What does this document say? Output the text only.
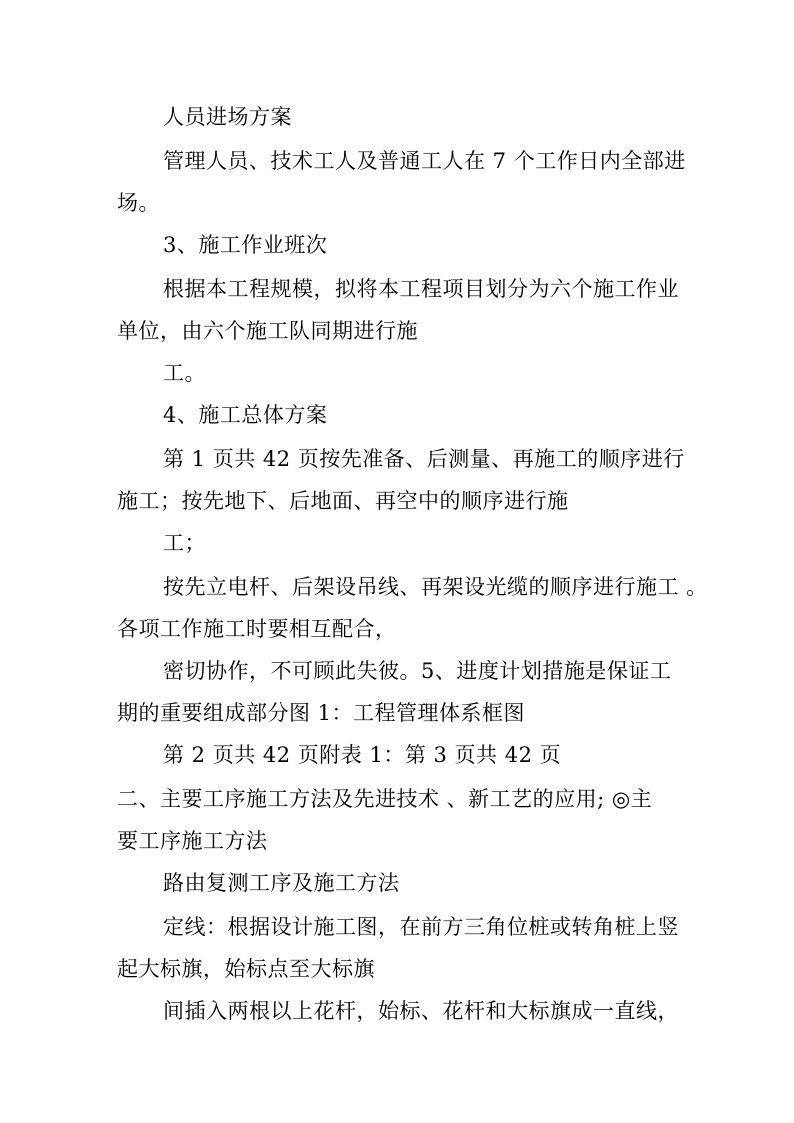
人员进场方案
管理人员、技术工人及普通工人在 7 个工作日内全部进
场。
3、施工作业班次
根据本工程规模，拟将本工程项目划分为六个施工作业
单位，由六个施工队同期进行施
工。
4、施工总体方案
第 1 页共 42 页按先准备、后测量、再施工的顺序进行
施工；按先地下、后地面、再空中的顺序进行施
工；
按先立电杆、后架设吊线、再架设光缆的顺序进行施工 。
各项工作施工时要相互配合，
密切协作，不可顾此失彼。5、进度计划措施是保证工
期的重要组成部分图 1：工程管理体系框图
第 2 页共 42 页附表 1：第 3 页共 42 页
二、主要工序施工方法及先进技术 、新工艺的应用; ◎主
要工序施工方法
路由复测工序及施工方法
定线：根据设计施工图，在前方三角位桩或转角桩上竖
起大标旗，始标点至大标旗
间插入两根以上花杆，始标、花杆和大标旗成一直线，
